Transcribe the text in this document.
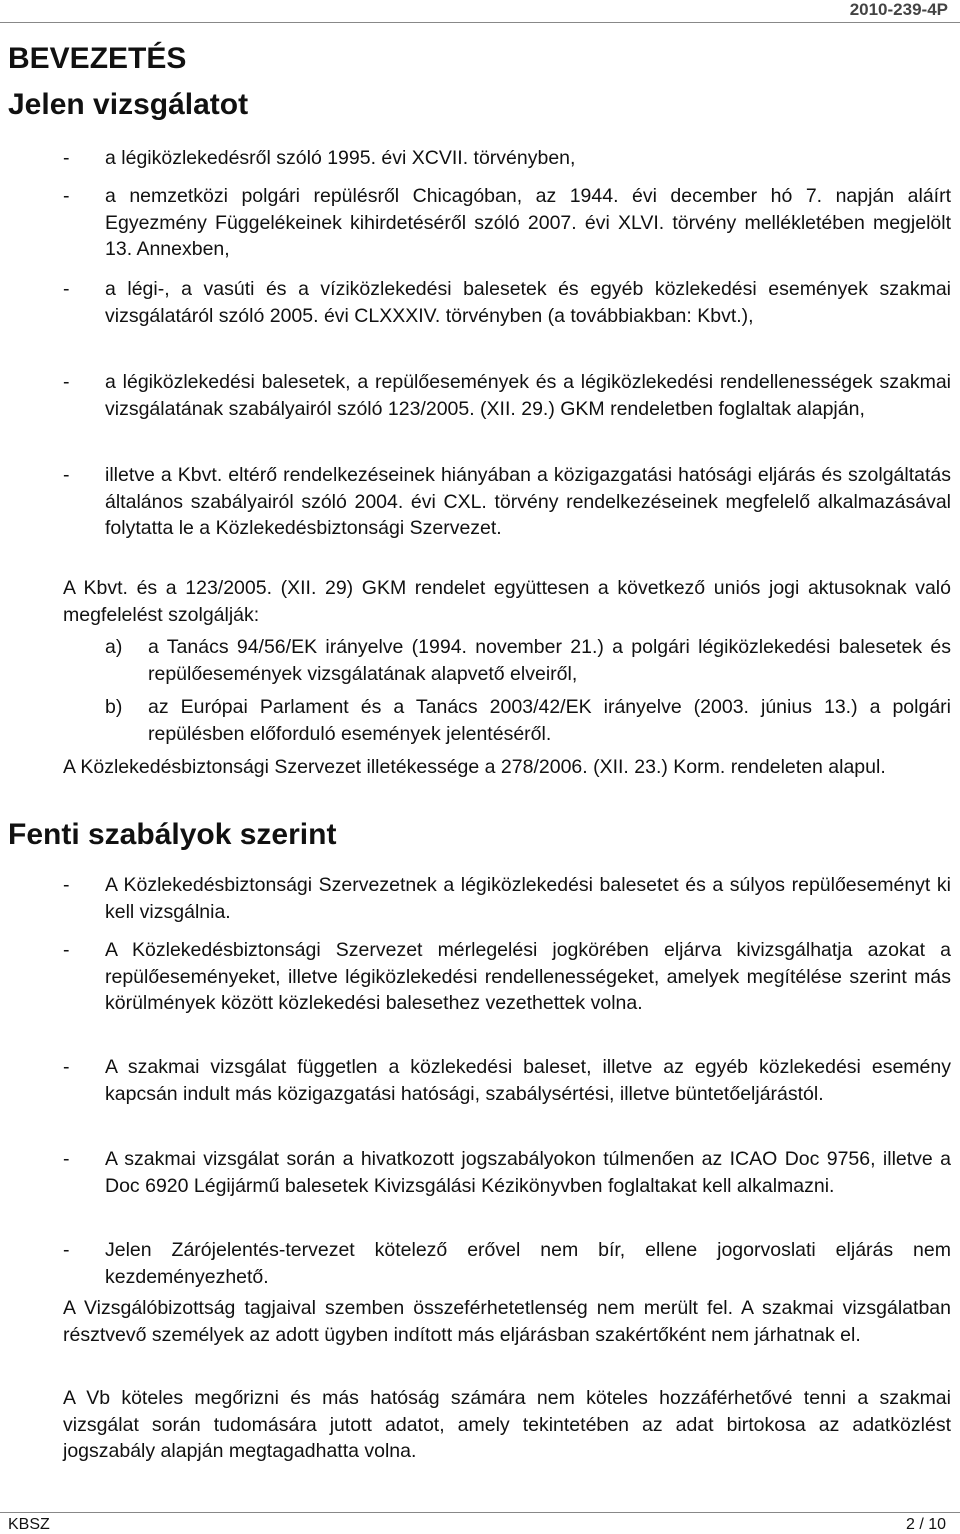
2010-239-4P
BEVEZETÉS
Jelen vizsgálatot
- a légiközlekedésről szóló 1995. évi XCVII. törvényben,

- a nemzetközi polgári repülésről Chicagóban, az 1944. évi december hó 7. napján aláírt Egyezmény Függelékeinek kihirdetéséről szóló 2007. évi XLVI. törvény mellékletében megjelölt 13. Annexben,

- a légi-, a vasúti és a víziközlekedési balesetek és egyéb közlekedési események szakmai vizsgálatáról szóló 2005. évi CLXXXIV. törvényben (a továbbiakban: Kbvt.),

- a légiközlekedési balesetek, a repülőesemények és a légiközlekedési rendellenességek szakmai vizsgálatának szabályairól szóló 123/2005. (XII. 29.) GKM rendeletben foglaltak alapján,

- illetve a Kbvt. eltérő rendelkezéseinek hiányában a közigazgatási hatósági eljárás és szolgáltatás általános szabályairól szóló 2004. évi CXL. törvény rendelkezéseinek megfelelő alkalmazásával folytatta le a Közlekedésbiztonsági Szervezet.

A Kbvt. és a 123/2005. (XII. 29) GKM rendelet együttesen a következő uniós jogi aktusoknak való megfelelést szolgálják:

a) a Tanács 94/56/EK irányelve (1994. november 21.) a polgári légiközlekedési balesetek és repülőesemények vizsgálatának alapvető elveiről,

b) az Európai Parlament és a Tanács 2003/42/EK irányelve (2003. június 13.) a polgári repülésben előforduló események jelentéséről.

A Közlekedésbiztonsági Szervezet illetékessége a 278/2006. (XII. 23.) Korm. rendeleten alapul.

Fenti szabályok szerint
- A Közlekedésbiztonsági Szervezetnek a légiközlekedési balesetet és a súlyos repülőeseményt ki kell vizsgálnia.

- A Közlekedésbiztonsági Szervezet mérlegelési jogkörében eljárva kivizsgálhatja azokat a repülőeseményeket, illetve légiközlekedési rendellenességeket, amelyek megítélése szerint más körülmények között közlekedési balesethez vezethettek volna.

- A szakmai vizsgálat független a közlekedési baleset, illetve az egyéb közlekedési esemény kapcsán indult más közigazgatási hatósági, szabálysértési, illetve büntetőeljárástól.

- A szakmai vizsgálat során a hivatkozott jogszabályokon túlmenően az ICAO Doc 9756, illetve a Doc 6920 Légijármű balesetek Kivizsgálási Kézikönyvben foglaltakat kell alkalmazni.

- Jelen Zárójelentés-tervezet kötelező erővel nem bír, ellene jogorvoslati eljárás nem kezdeményezhető.

A Vizsgálóbizottság tagjaival szemben összeférhetetlenség nem merült fel. A szakmai vizsgálatban résztvevő személyek az adott ügyben indított más eljárásban szakértőként nem járhatnak el.

A Vb köteles megőrizni és más hatóság számára nem köteles hozzáférhetővé tenni a szakmai vizsgálat során tudomására jutott adatot, amely tekintetében az adat birtokosa az adatközlést jogszabály alapján megtagadhatta volna.

KBSZ	2 / 10
